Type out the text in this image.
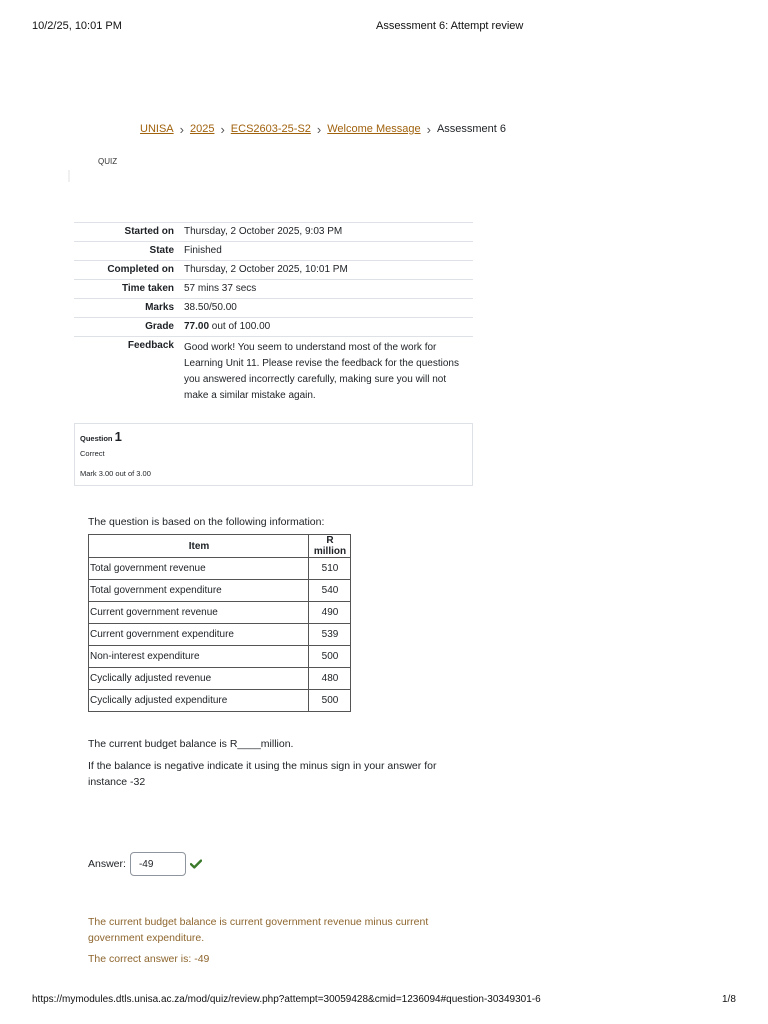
10/2/25, 10:01 PM	Assessment 6: Attempt review
UNISA › 2025 › ECS2603-25-S2 › Welcome Message › Assessment 6
QUIZ
Started on	Thursday, 2 October 2025, 9:03 PM
State	Finished
Completed on	Thursday, 2 October 2025, 10:01 PM
Time taken	57 mins 37 secs
Marks	38.50/50.00
Grade	77.00 out of 100.00
Feedback	Good work! You seem to understand most of the work for Learning Unit 11. Please revise the feedback for the questions you answered incorrectly carefully, making sure you will not make a similar mistake again.
Question 1
Correct
Mark 3.00 out of 3.00
The question is based on the following information:
Item	R million
Total government revenue	510
Total government expenditure	540
Current government revenue	490
Current government expenditure	539
Non-interest expenditure	500
Cyclically adjusted revenue	480
Cyclically adjusted expenditure	500
The current budget balance is R____million.
If the balance is negative indicate it using the minus sign in your answer for instance -32
Answer:
-49
The current budget balance is current government revenue minus current government expenditure.
The correct answer is: -49
https://mymodules.dtls.unisa.ac.za/mod/quiz/review.php?attempt=30059428&cmid=1236094#question-30349301-6	1/8
